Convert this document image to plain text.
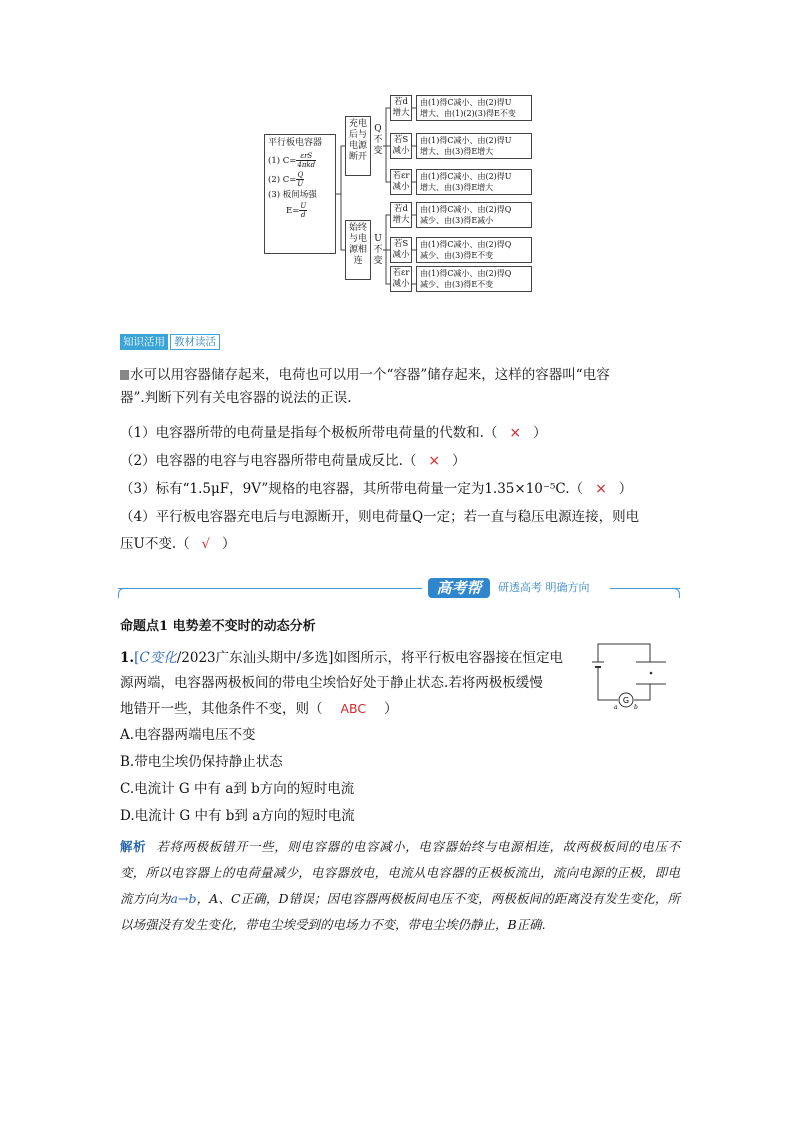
平行板电容器
(1) $C= \frac{\text{εrS}}{\text{4πkd}}$
(2) $C= \frac{Q}{U}$
(3) 板间场强
$E= \frac{U}{d}$
充电后与电源断开
Q不变
始终与电源相连
U不变
若d增大
由(1)得C减小、由(2)得U
增大、由(1)(2)(3)得E不变
若S减小
由(1)得C减小、由(2)得U
增大、由(3)得E增大
若εr减小
由(1)得C减小、由(2)得U
增大、由(3)得E增大
若d增大
由(1)得C减小、由(2)得Q
减少、由(3)得E减小
若S减小
由(1)得C减小、由(2)得Q
减少、由(3)得E不变
若εr减小
由(1)得C减小、由(2)得Q
减少、由(3)得E不变
知识活用 教材读活
水可以用容器储存起来，电荷也可以用一个“容器”储存起来，这样的容器叫“电容
器”.判断下列有关电容器的说法的正误.
（1）电容器所带的电荷量是指每个极板所带电荷量的代数和.（ × ）
（2）电容器的电容与电容器所带电荷量成反比.（ × ）
（3）标有“1.5μF，9V”规格的电容器，其所带电荷量一定为1.35×10⁻⁵C.（ × ）
（4）平行板电容器充电后与电源断开，则电荷量Q一定；若一直与稳压电源连接，则电
压U不变.（ √ ）
高考帮	研透高考 明确方向
命题点1 电势差不变时的动态分析
1.[C变化/2023广东汕头期中/多选]如图所示，将平行板电容器接在恒定电
源两端，电容器两极板间的带电尘埃恰好处于静止状态.若将两极板缓慢
地错开一些，其他条件不变，则（ ABC ）
G
a	b
A.电容器两端电压不变
B.带电尘埃仍保持静止状态
C.电流计 G 中有 a到 b方向的短时电流
D.电流计 G 中有 b到 a方向的短时电流
解析 若将两极板错开一些，则电容器的电容减小，电容器始终与电源相连，故两极板间的电压不变，所以电容器上的电荷量减少，电容器放电，电流从电容器的正极板流出，流向电源的正极，即电流方向为a→b，A、C正确，D错误；因电容器两极板间电压不变，两极板间的距离没有发生变化，所以场强没有发生变化，带电尘埃受到的电场力不变，带电尘埃仍静止，B正确.
